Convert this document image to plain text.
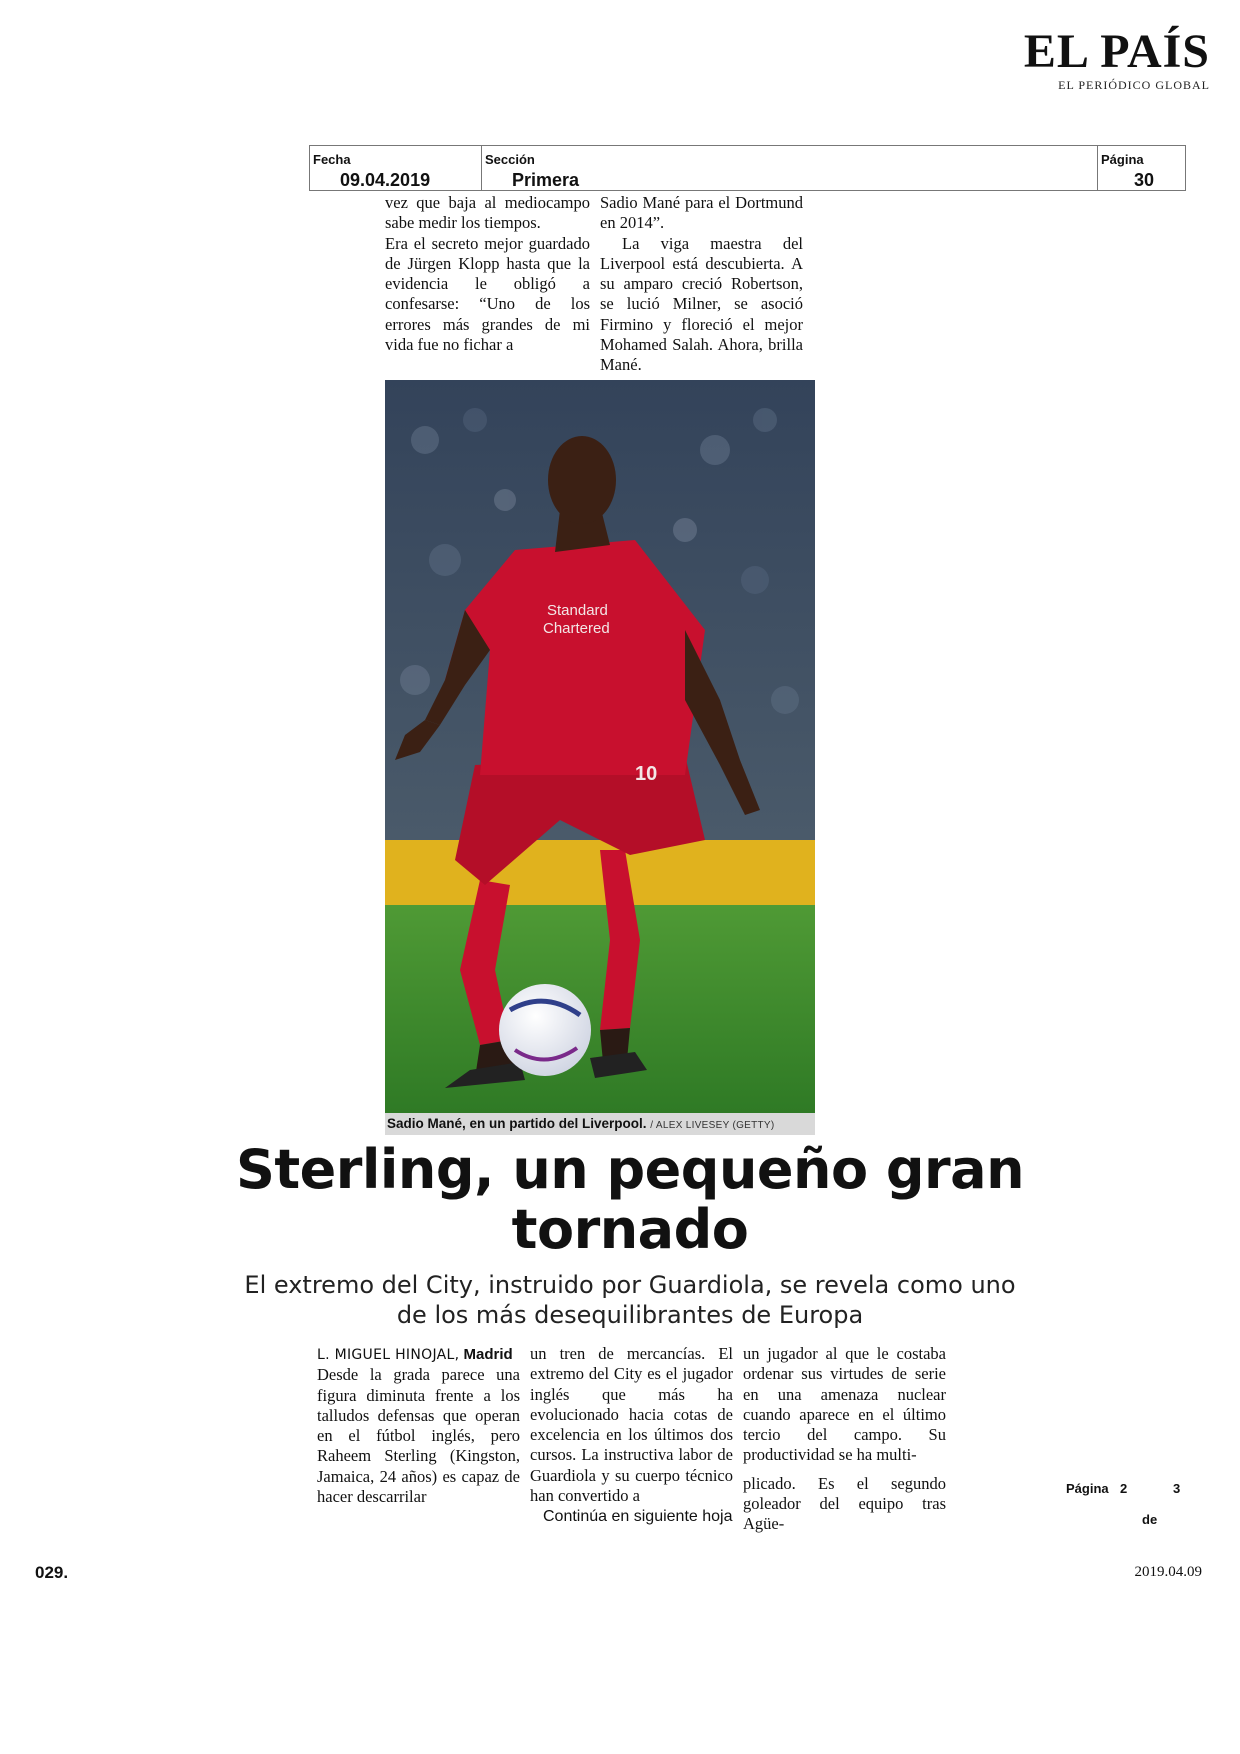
EL PAÍS
EL PERIÓDICO GLOBAL
Fecha
09.04.2019
Sección
Primera
Página
30

vez que baja al mediocampo sabe medir los tiempos.

Era el secreto mejor guardado de Jürgen Klopp hasta que la evidencia le obligó a confesarse: “Uno de los errores más grandes de mi vida fue no fichar a

Sadio Mané para el Dortmund en 2014”.

La viga maestra del Liverpool está descubierta. A su amparo creció Robertson, se lució Milner, se asoció Firmino y floreció el mejor Mohamed Salah. Ahora, brilla Mané.

Standard
Chartered
10
Sadio Mané, en un partido del Liverpool. / ALEX LIVESEY (GETTY)
Sterling, un pequeño gran tornado
El extremo del City, instruido por Guardiola, se revela como uno de los más desequilibrantes de Europa

L. MIGUEL HINOJAL, Madrid

Desde la grada parece una figura diminuta frente a los talludos defensas que operan en el fútbol inglés, pero Raheem Sterling (Kingston, Jamaica, 24 años) es capaz de hacer descarrilar

un tren de mercancías. El extremo del City es el jugador inglés que más ha evolucionado hacia cotas de excelencia en los últimos dos cursos. La instructiva labor de Guardiola y su cuerpo técnico han convertido a

un jugador al que le costaba ordenar sus virtudes de serie en una amenaza nuclear cuando aparece en el último tercio del campo. Su productividad se ha multi-

plicado. Es el segundo goleador del equipo tras Agüe-

Continúa en siguiente hoja
Página 2	3
de
029.	2019.04.09
